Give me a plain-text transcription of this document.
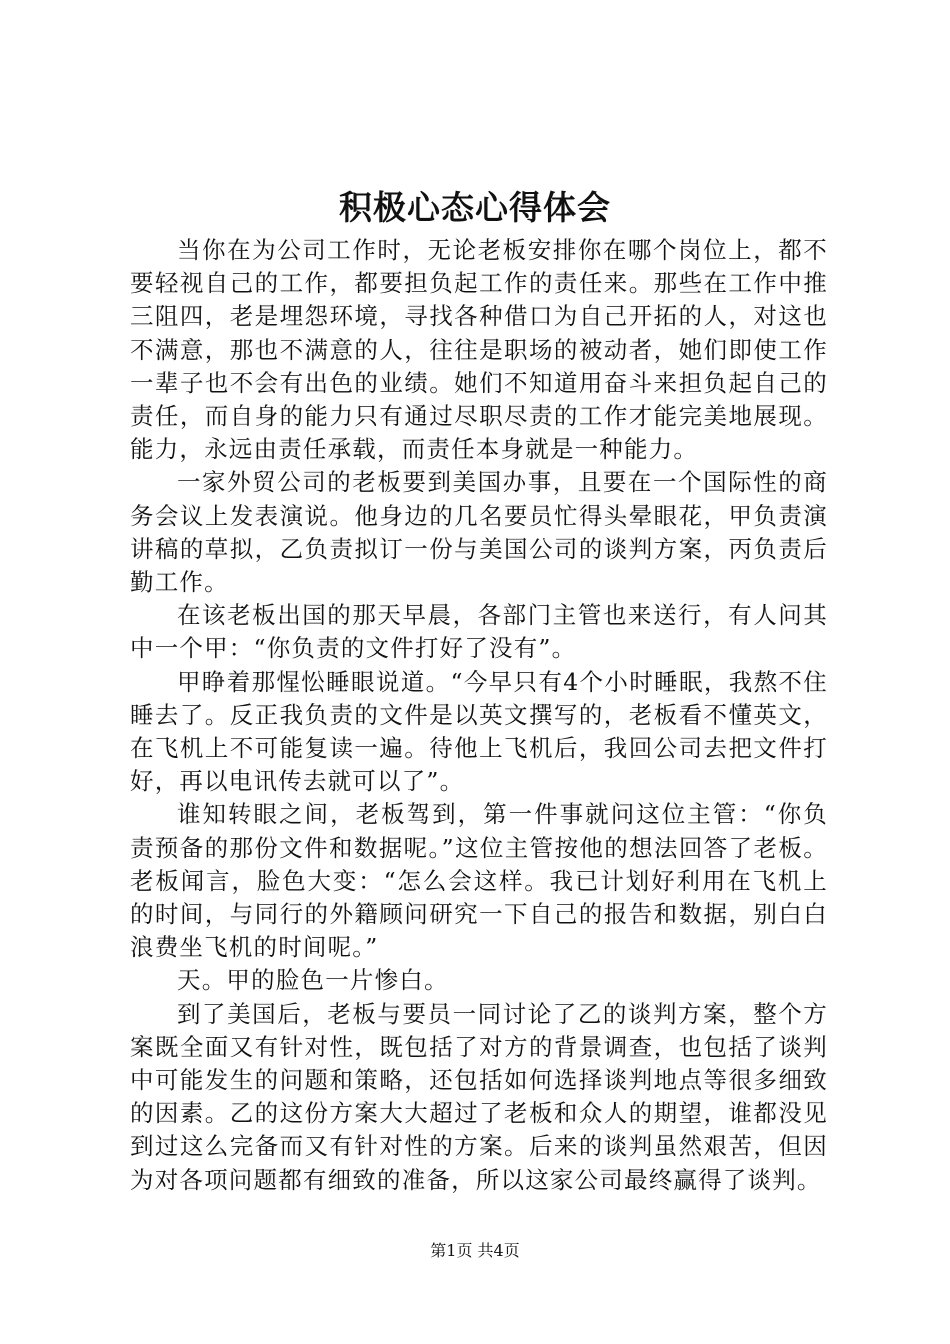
积极心态心得体会

当你在为公司工作时，无论老板安排你在哪个岗位上，都不要轻视自己的工作，都要担负起工作的责任来。那些在工作中推三阻四，老是埋怨环境，寻找各种借口为自己开拓的人，对这也不满意，那也不满意的人，往往是职场的被动者，她们即使工作一辈子也不会有出色的业绩。她们不知道用奋斗来担负起自己的责任，而自身的能力只有通过尽职尽责的工作才能完美地展现。能力，永远由责任承载，而责任本身就是一种能力。

一家外贸公司的老板要到美国办事，且要在一个国际性的商务会议上发表演说。他身边的几名要员忙得头晕眼花，甲负责演讲稿的草拟，乙负责拟订一份与美国公司的谈判方案，丙负责后勤工作。

在该老板出国的那天早晨，各部门主管也来送行，有人问其中一个甲：“你负责的文件打好了没有”。

甲睁着那惺忪睡眼说道。“今早只有4个小时睡眠，我熬不住睡去了。反正我负责的文件是以英文撰写的，老板看不懂英文，在飞机上不可能复读一遍。待他上飞机后，我回公司去把文件打好，再以电讯传去就可以了”。

谁知转眼之间，老板驾到，第一件事就问这位主管：“你负责预备的那份文件和数据呢。”这位主管按他的想法回答了老板。老板闻言，脸色大变：“怎么会这样。我已计划好利用在飞机上的时间，与同行的外籍顾问研究一下自己的报告和数据，别白白浪费坐飞机的时间呢。”

天。甲的脸色一片惨白。

到了美国后，老板与要员一同讨论了乙的谈判方案，整个方案既全面又有针对性，既包括了对方的背景调查，也包括了谈判中可能发生的问题和策略，还包括如何选择谈判地点等很多细致的因素。乙的这份方案大大超过了老板和众人的期望，谁都没见到过这么完备而又有针对性的方案。后来的谈判虽然艰苦，但因为对各项问题都有细致的准备，所以这家公司最终赢得了谈判。

第1页 共4页
